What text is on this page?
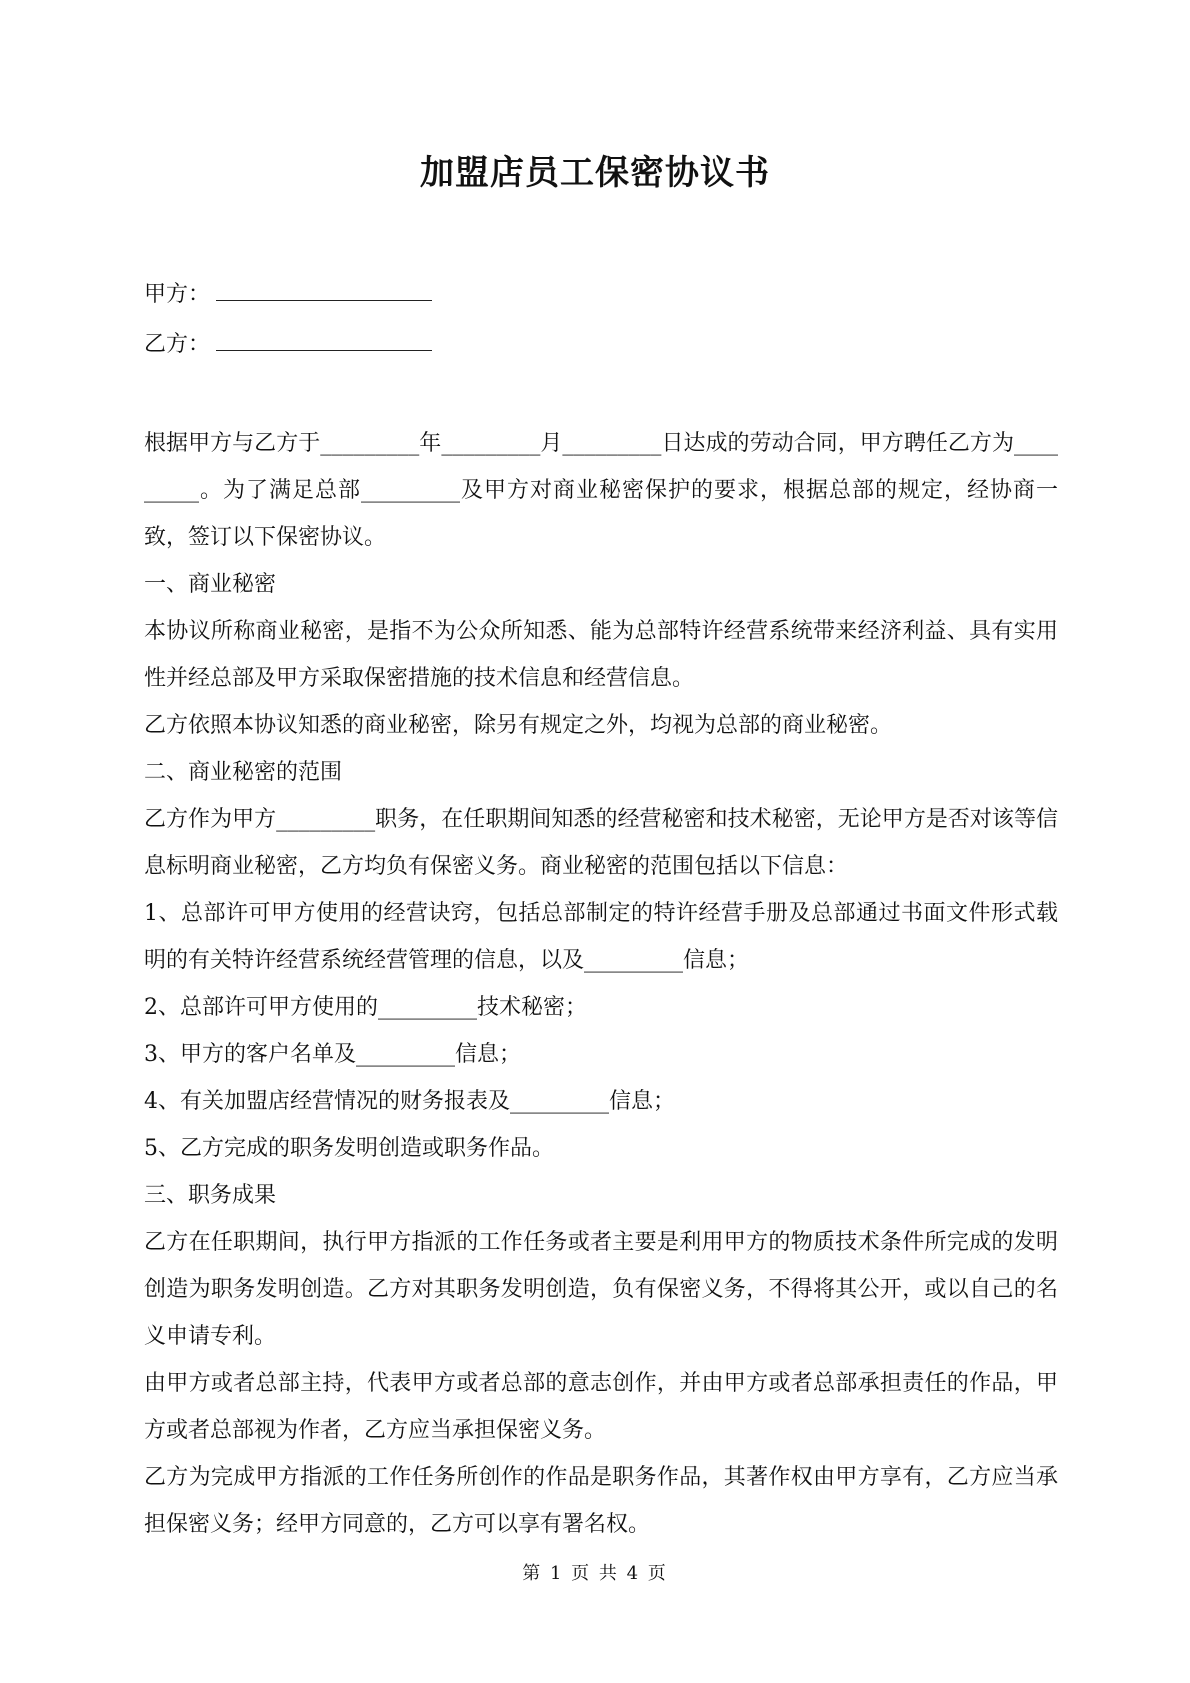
加盟店员工保密协议书
甲方：
乙方：

根据甲方与乙方于_________年_________月_________日达成的劳动合同，甲方聘任乙方为_________。为了满足总部_________及甲方对商业秘密保护的要求，根据总部的规定，经协商一致，签订以下保密协议。

一、商业秘密

本协议所称商业秘密，是指不为公众所知悉、能为总部特许经营系统带来经济利益、具有实用性并经总部及甲方采取保密措施的技术信息和经营信息。

乙方依照本协议知悉的商业秘密，除另有规定之外，均视为总部的商业秘密。

二、商业秘密的范围

乙方作为甲方_________职务，在任职期间知悉的经营秘密和技术秘密，无论甲方是否对该等信息标明商业秘密，乙方均负有保密义务。商业秘密的范围包括以下信息：

1、总部许可甲方使用的经营诀窍，包括总部制定的特许经营手册及总部通过书面文件形式载明的有关特许经营系统经营管理的信息，以及_________信息；

2、总部许可甲方使用的_________技术秘密；

3、甲方的客户名单及_________信息；

4、有关加盟店经营情况的财务报表及_________信息；

5、乙方完成的职务发明创造或职务作品。

三、职务成果

乙方在任职期间，执行甲方指派的工作任务或者主要是利用甲方的物质技术条件所完成的发明创造为职务发明创造。乙方对其职务发明创造，负有保密义务，不得将其公开，或以自己的名义申请专利。

由甲方或者总部主持，代表甲方或者总部的意志创作，并由甲方或者总部承担责任的作品，甲方或者总部视为作者，乙方应当承担保密义务。

乙方为完成甲方指派的工作任务所创作的作品是职务作品，其著作权由甲方享有，乙方应当承担保密义务；经甲方同意的，乙方可以享有署名权。

第 1 页 共 4 页
